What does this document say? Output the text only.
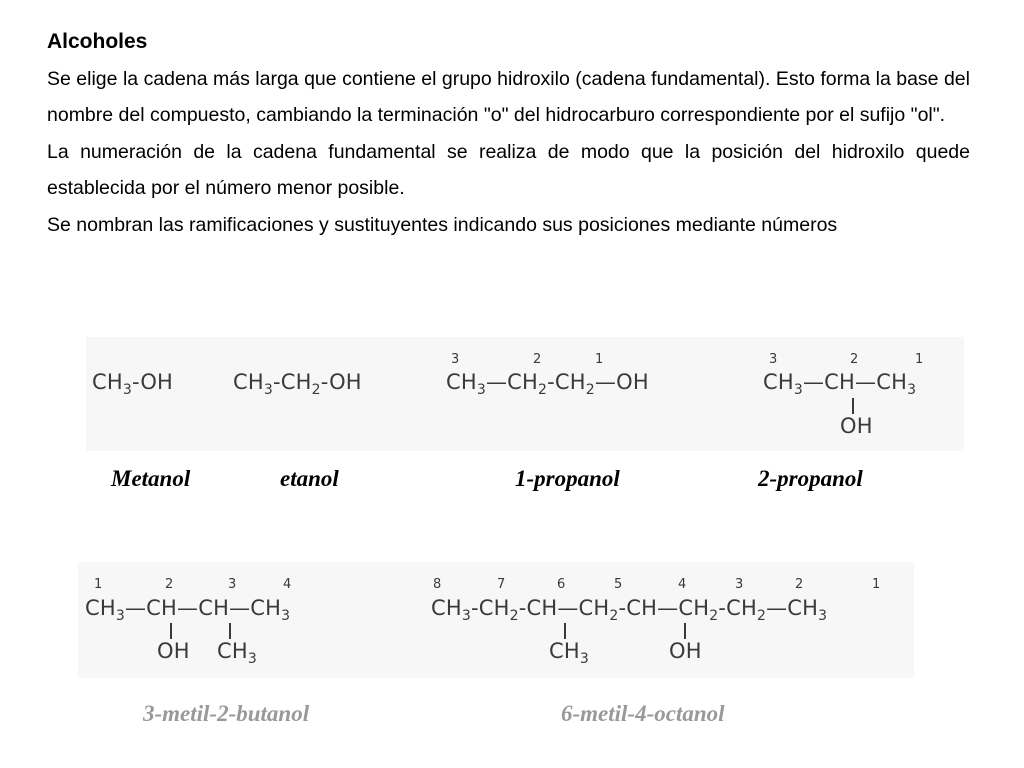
Alcoholes

Se elige la cadena más larga que contiene el grupo hidroxilo (cadena fundamental). Esto forma la base del nombre del compuesto, cambiando la terminación "o" del hidrocarburo correspondiente por el sufijo "ol".

La numeración de la cadena fundamental se realiza de modo que la posición del hidroxilo quede establecida por el número menor posible.

Se nombran las ramificaciones y sustituyentes indicando sus posiciones mediante números

$CH_3-OH$	$CH_3-CH_2-OH$
3	2	1
$CH_3—CH_2-CH_2—OH$
3	2	1
$CH_3—CH—CH_3$
OH
Metanol	etanol	1-propanol	2-propanol
1	2	3	4
$CH_3—CH—CH—CH_3$
OH $CH_3$
8	7	6	5	4	3	2	1
$CH_3-CH_2-CH—CH_2-CH—CH_2-CH_2—CH_3$
$CH_3$	OH
3-metil-2-butanol	6-metil-4-octanol
